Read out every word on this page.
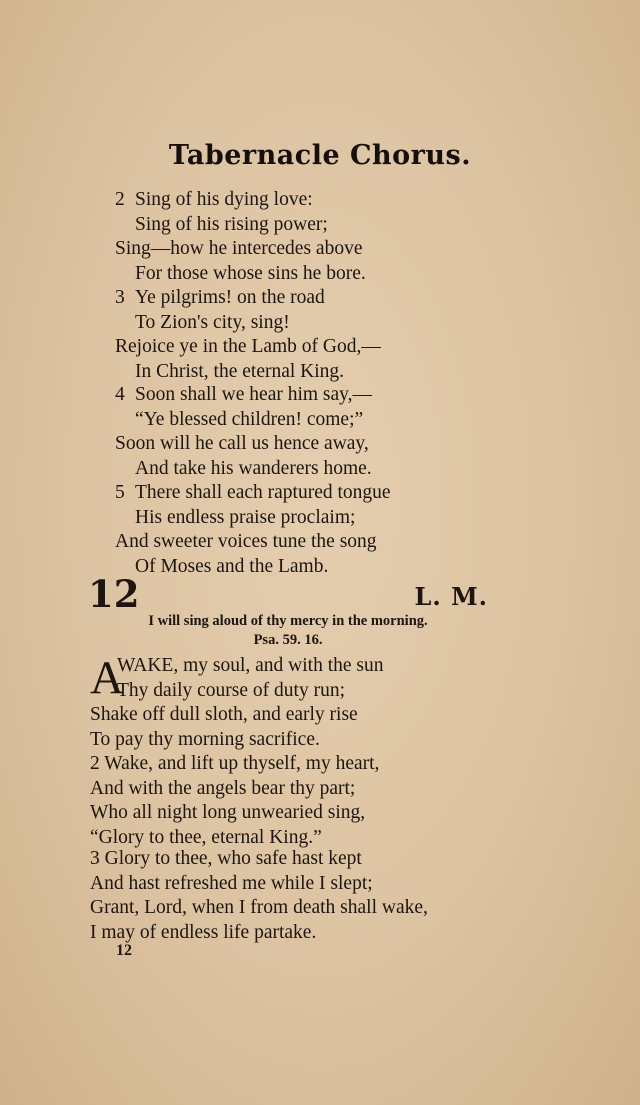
Tabernacle Chorus.
2 Sing of his dying love:
Sing of his rising power;
Sing—how he intercedes above
For those whose sins he bore.
3 Ye pilgrims! on the road
To Zion's city, sing!
Rejoice ye in the Lamb of God,—
In Christ, the eternal King.
4 Soon shall we hear him say,—
“Ye blessed children! come;”
Soon will he call us hence away,
And take his wanderers home.
5 There shall each raptured tongue
His endless praise proclaim;
And sweeter voices tune the song
Of Moses and the Lamb.
12	L. M.
I will sing aloud of thy mercy in the morning.
Psa. 59. 16.
A
WAKE, my soul, and with the sun
Thy daily course of duty run;
Shake off dull sloth, and early rise
To pay thy morning sacrifice.
2 Wake, and lift up thyself, my heart,
And with the angels bear thy part;
Who all night long unwearied sing,
“Glory to thee, eternal King.”
3 Glory to thee, who safe hast kept
And hast refreshed me while I slept;
Grant, Lord, when I from death shall wake,
I may of endless life partake.
12
